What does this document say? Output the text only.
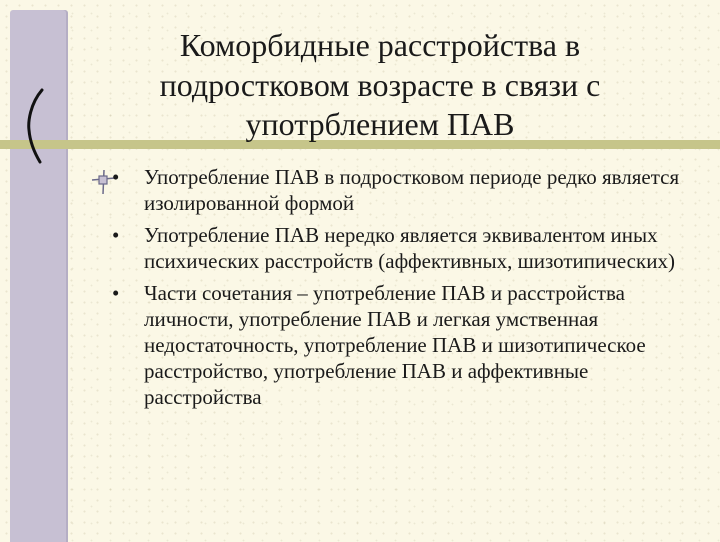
Коморбидные расстройства в подростковом возрасте в связи с употрблением ПАВ
•	Употребление ПАВ в подростковом периоде редко является изолированной формой
•	Употребление ПАВ нередко является эквивалентом иных психических расстройств (аффективных, шизотипических)
•	Части сочетания – употребление ПАВ и расстройства личности, употребление ПАВ и легкая умственная недостаточность, употребление ПАВ и шизотипическое расстройство, употребление ПАВ и аффективные расстройства
